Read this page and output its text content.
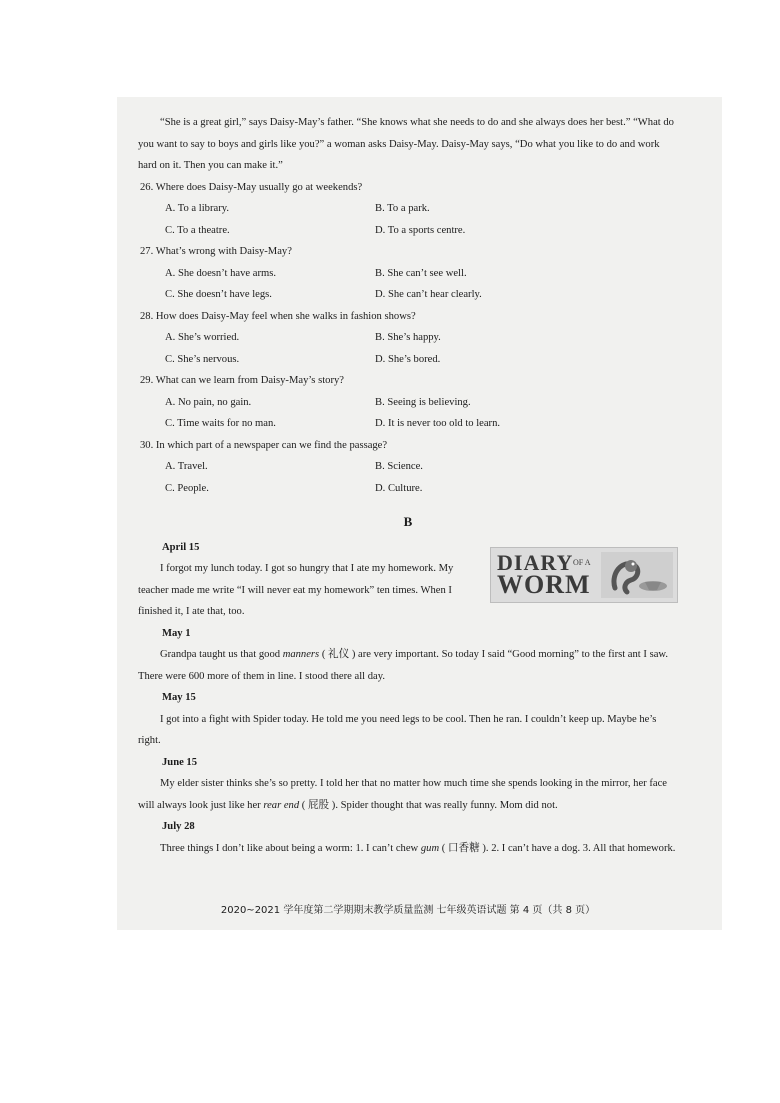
“She is a great girl,” says Daisy-May’s father. “She knows what she needs to do and she always does her best.” “What do you want to say to boys and girls like you?” a woman asks Daisy-May. Daisy-May says, “Do what you like to do and work hard on it. Then you can make it.”

26. Where does Daisy-May usually go at weekends?

A. To a library.	B. To a park.
C. To a theatre.	D. To a sports centre.

27. What’s wrong with Daisy-May?

A. She doesn’t have arms.	B. She can’t see well.
C. She doesn’t have legs.	D. She can’t hear clearly.

28. How does Daisy-May feel when she walks in fashion shows?

A. She’s worried.	B. She’s happy.
C. She’s nervous.	D. She’s bored.

29. What can we learn from Daisy-May’s story?

A. No pain, no gain.	B. Seeing is believing.
C. Time waits for no man.	D. It is never too old to learn.

30. In which part of a newspaper can we find the passage?

A. Travel.	B. Science.
C. People.	D. Culture.

B

April 15

DIARY
WORM
OF A

I forgot my lunch today. I got so hungry that I ate my homework. My teacher made me write “I will never eat my homework” ten times. When I finished it, I ate that, too.

May 1

Grandpa taught us that good manners ( 礼仪 ) are very important. So today I said “Good morning” to the first ant I saw. There were 600 more of them in line. I stood there all day.

May 15

I got into a fight with Spider today. He told me you need legs to be cool. Then he ran. I couldn’t keep up. Maybe he’s right.

June 15

My elder sister thinks she’s so pretty. I told her that no matter how much time she spends looking in the mirror, her face will always look just like her rear end ( 屁股 ). Spider thought that was really funny. Mom did not.

July 28

Three things I don’t like about being a worm: 1. I can’t chew gum ( 口香糖 ). 2. I can’t have a dog. 3. All that homework.

2020~2021 学年度第二学期期末教学质量监测 七年级英语试题 第 4 页（共 8 页）
